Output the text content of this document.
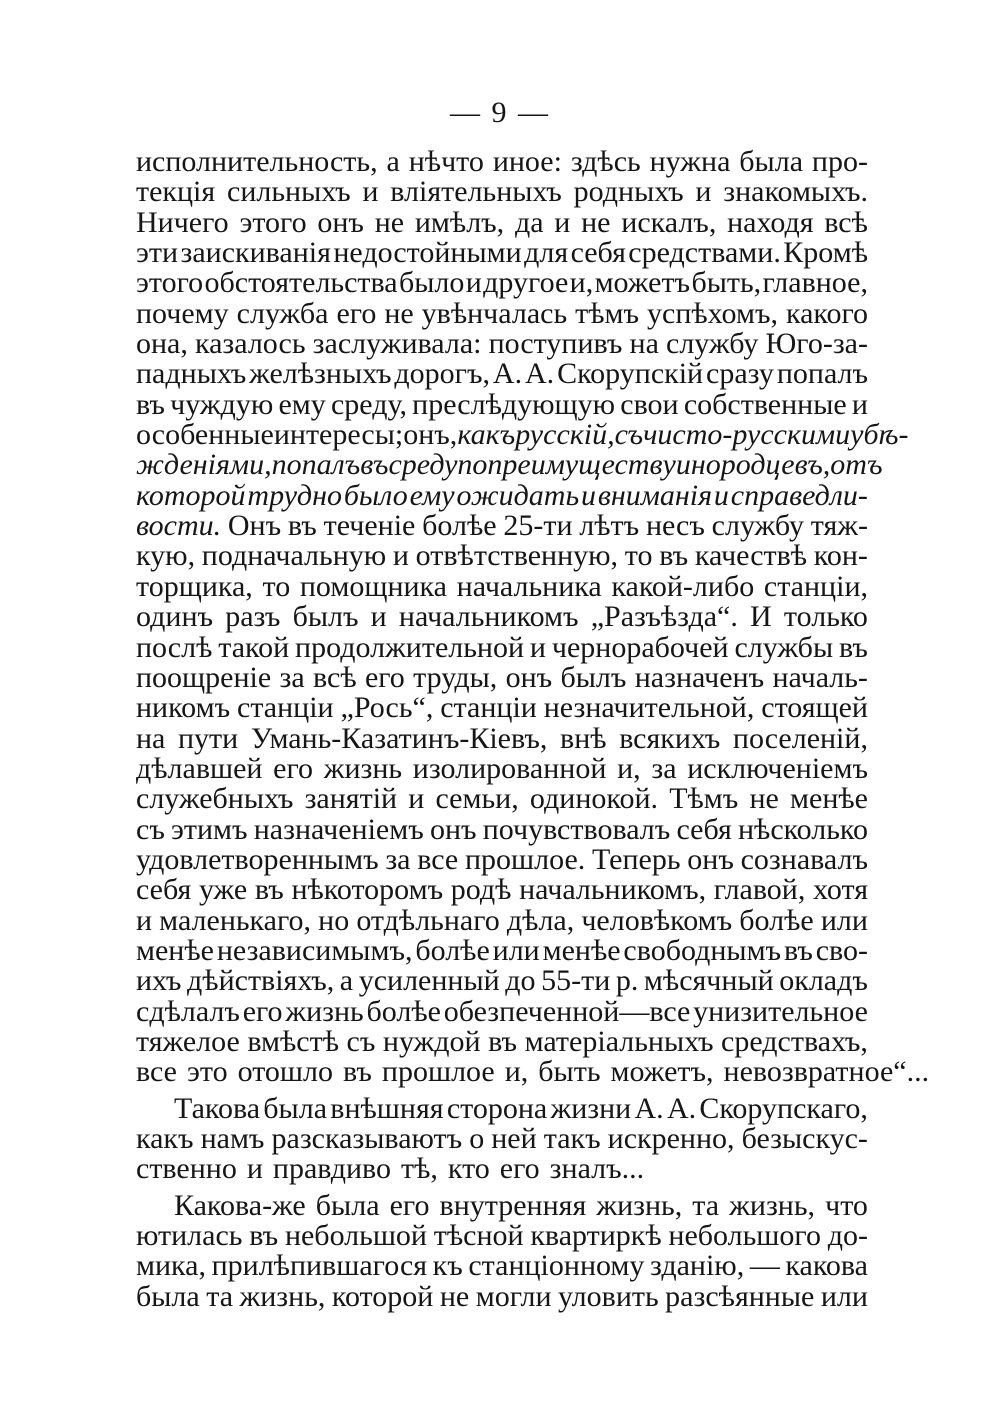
— 9 —
исполнительность, а нѣчто иное: здѣсь нужна была про-
текція сильныхъ и вліятельныхъ родныхъ и знакомыхъ.
Ничего этого онъ не имѣлъ, да и не искалъ, находя всѣ
эти заискиванія недостойными для себя средствами. Кромѣ
этого обстоятельства было и другое и, можетъ быть, главное,
почему служба его не увѣнчалась тѣмъ успѣхомъ, какого
она, казалось заслуживала: поступивъ на службу Юго-за-
падныхъ желѣзныхъ дорогъ, А. А. Скорупскій сразу попалъ
въ чуждую ему среду, преслѣдующую свои собственные и
особенные интересы; онъ, какъ русскій, съ чисто-русскими убѣ-
жденіями, попалъ въ среду по преимуществу инородцевъ, отъ
которой трудно было ему ожидать и вниманія и справедли-
вости. Онъ въ теченіе болѣе 25-ти лѣтъ несъ службу тяж-
кую, подначальную и отвѣтственную, то въ качествѣ кон-
торщика, то помощника начальника какой-либо станціи,
одинъ разъ былъ и начальникомъ „Разъѣзда“. И только
послѣ такой продолжительной и чернорабочей службы въ
поощреніе за всѣ его труды, онъ былъ назначенъ началь-
никомъ станціи „Рось“, станціи незначительной, стоящей
на пути Умань-Казатинъ-Кіевъ, внѣ всякихъ поселеній,
дѣлавшей его жизнь изолированной и, за исключеніемъ
служебныхъ занятій и семьи, одинокой. Тѣмъ не менѣе
съ этимъ назначеніемъ онъ почувствовалъ себя нѣсколько
удовлетвореннымъ за все прошлое. Теперь онъ сознавалъ
себя уже въ нѣкоторомъ родѣ начальникомъ, главой, хотя
и маленькаго, но отдѣльнаго дѣла, человѣкомъ болѣе или
менѣе независимымъ, болѣе или менѣе свободнымъ въ сво-
ихъ дѣйствіяхъ, а усиленный до 55-ти р. мѣсячный окладъ
сдѣлалъ его жизнь болѣе обезпеченной—все унизительное
тяжелое вмѣстѣ съ нуждой въ матеріальныхъ средствахъ,
все это отошло въ прошлое и, быть можетъ, невозвратное“...
Такова была внѣшняя сторона жизни А. А. Скорупскаго,
какъ намъ разсказываютъ о ней такъ искренно, безыскус-
ственно и правдиво тѣ, кто его зналъ...
Какова-же была его внутренняя жизнь, та жизнь, что
ютилась въ небольшой тѣсной квартиркѣ небольшого до-
мика, прилѣпившагося къ станціонному зданію, — какова
была та жизнь, которой не могли уловить разсѣянные или
